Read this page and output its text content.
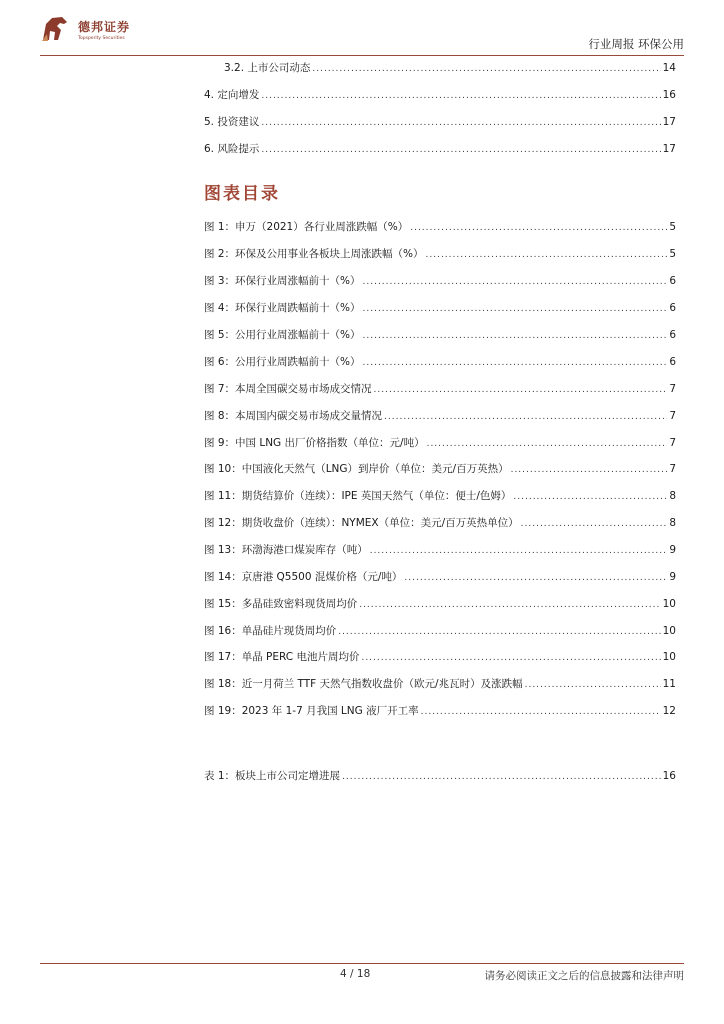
德邦证券
Topsperity Securities	行业周报 环保公用
3.2. 上市公司动态 .....	14
4. 定向增发 .....	16
5. 投资建议 .....	17
6. 风险提示 .....	17
图表目录
图 1：申万（2021）各行业周涨跌幅（%） .....	5
图 2：环保及公用事业各板块上周涨跌幅（%） .....	5
图 3：环保行业周涨幅前十（%） .....	6
图 4：环保行业周跌幅前十（%） .....	6
图 5：公用行业周涨幅前十（%） .....	6
图 6：公用行业周跌幅前十（%） .....	6
图 7：本周全国碳交易市场成交情况 .....	7
图 8：本周国内碳交易市场成交量情况 .....	7
图 9：中国 LNG 出厂价格指数（单位：元/吨） .....	7
图 10：中国液化天然气（LNG）到岸价（单位：美元/百万英热） .....	7
图 11：期货结算价（连续）：IPE 英国天然气（单位：便士/色姆） .....	8
图 12：期货收盘价（连续）：NYMEX（单位：美元/百万英热单位） .....	8
图 13：环渤海港口煤炭库存（吨） .....	9
图 14：京唐港 Q5500 混煤价格（元/吨） .....	9
图 15：多晶硅致密料现货周均价 .....	10
图 16：单晶硅片现货周均价 .....	10
图 17：单晶 PERC 电池片周均价 .....	10
图 18：近一月荷兰 TTF 天然气指数收盘价（欧元/兆瓦时）及涨跌幅 .....	11
图 19：2023 年 1-7 月我国 LNG 液厂开工率 .....	12
表 1：板块上市公司定增进展 .....	16
4 / 18	请务必阅读正文之后的信息披露和法律声明
